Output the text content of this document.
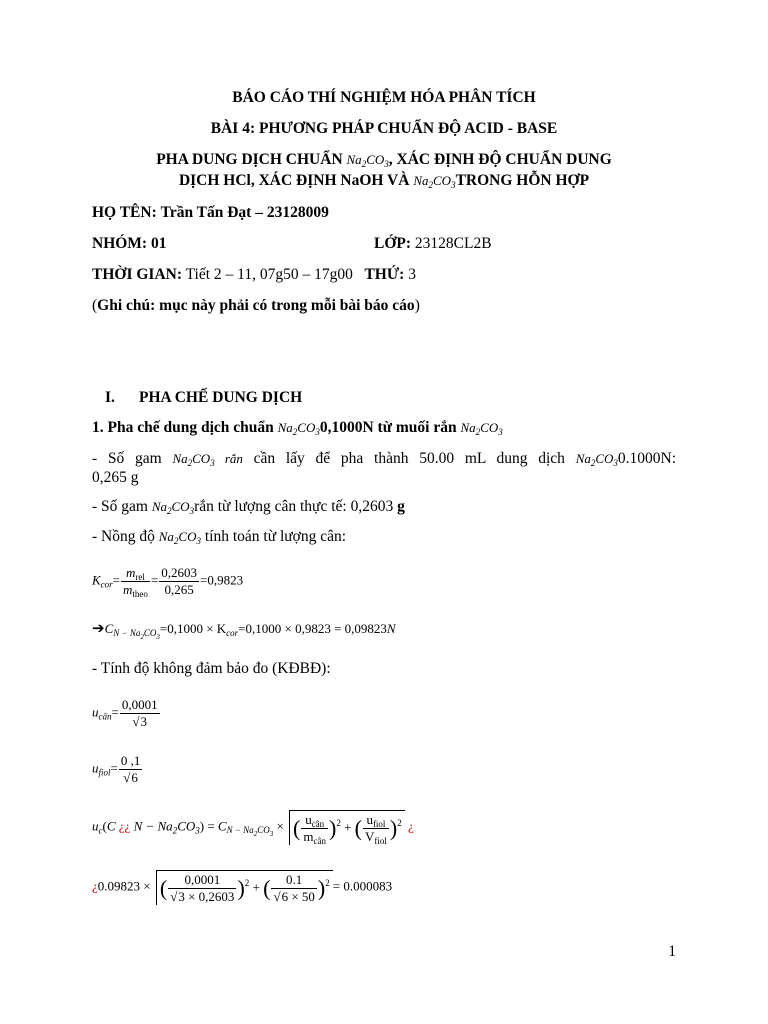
BÁO CÁO THÍ NGHIỆM HÓA PHÂN TÍCH
BÀI 4: PHƯƠNG PHÁP CHUẨN ĐỘ ACID - BASE
PHA DUNG DỊCH CHUẨN $Na_2CO_3$, XÁC ĐỊNH ĐỘ CHUẨN DUNG
DỊCH HCl, XÁC ĐỊNH NaOH VÀ $Na_2CO_3TRONG$ HỖN HỢP
HỌ TÊN: Trần Tấn Đạt – 23128009
NHÓM: 01	LỚP: 23128CL2B
THỜI GIAN: Tiết 2 – 11, 07g50 – 17g00 THỨ: 3
(Ghi chú: mục này phải có trong mỗi bài báo cáo)
I. PHA CHẾ DUNG DỊCH
1. Pha chế dung dịch chuẩn $Na_2CO_30,1000N$ từ muối rắn $Na_2CO_3$
- Số gam $Na_2CO_3$ rắn cần lấy để pha thành 50.00 mL dung dịch $Na_2CO_30.1000N$:
0,265 g
- Số gam $Na_2CO_3rắn$ từ lượng cân thực tế: 0,2603 g
- Nồng độ $Na_2CO_3$ tính toán từ lượng cân:
$K_{cor}= \frac{m_{rel}}{m_{theo}} = \frac{0,2603}{0,265} =0,9823$
$➔C_{N - Na_2CO_3}=0,1000 \times K_{cor}=0,1000 \times 0,9823 = 0,09823N$
- Tính độ không đảm bảo đo (KĐBĐ):
$u_{cân}= \frac{0,0001}{√3}$
$u_{fiol}= \frac{0 ,1}{√6}$
$u_c(C$ ¿¿ $N - Na_2CO_3) = C_{N - Na_2CO_3}$ × ( $\frac{u_{cân}}{m_{cân}} )^2$ + ( $\frac{u_{fiol}}{V_{fiol}} )^2$ ¿
¿0.09823 × ( $\frac{0,0001}{√3 \times 0,2603} )^2$ + ( $\frac{0.1}{√6 \times 50} )^2 = 0.000083$
1
